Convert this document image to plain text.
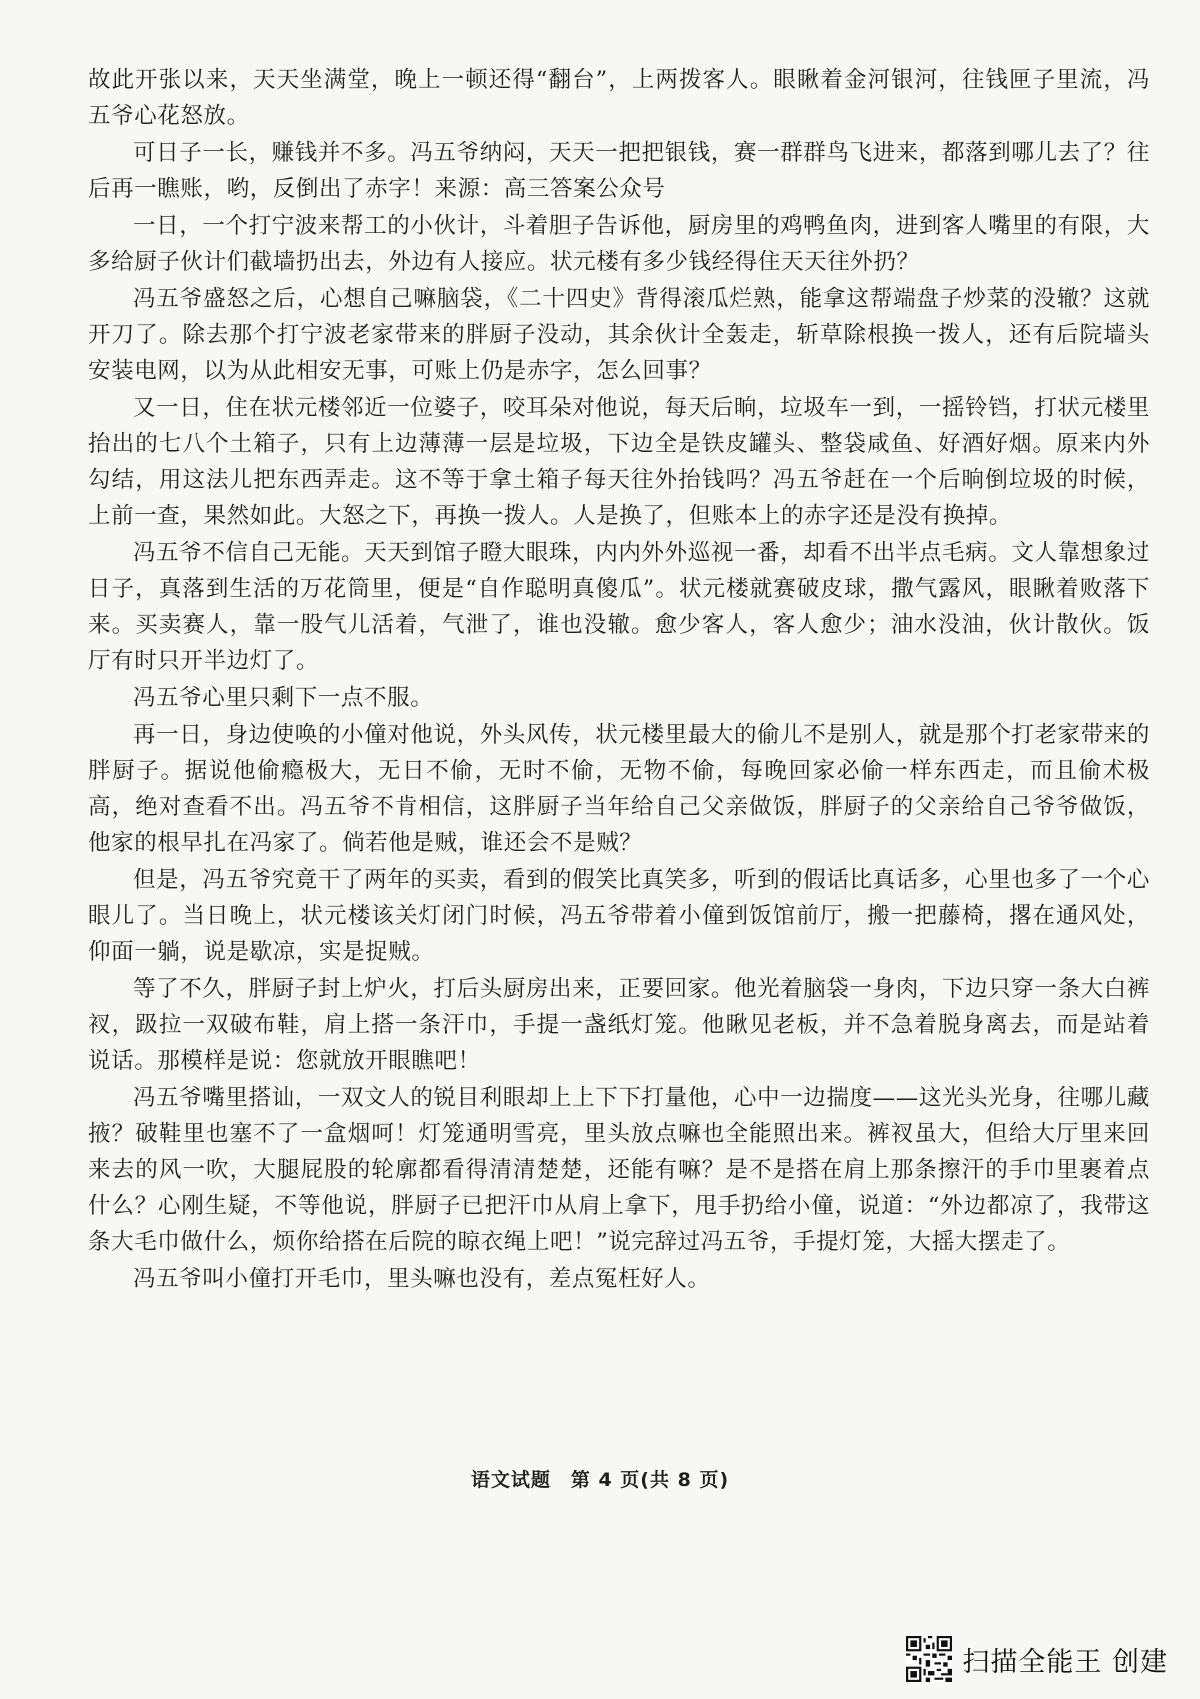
故此开张以来，天天坐满堂，晚上一顿还得“翻台”，上两拨客人。眼瞅着金河银河，往钱匣子里流，冯五爷心花怒放。

可日子一长，赚钱并不多。冯五爷纳闷，天天一把把银钱，赛一群群鸟飞进来，都落到哪儿去了？往后再一瞧账，哟，反倒出了赤字！来源：高三答案公众号

一日，一个打宁波来帮工的小伙计，斗着胆子告诉他，厨房里的鸡鸭鱼肉，进到客人嘴里的有限，大多给厨子伙计们截墙扔出去，外边有人接应。状元楼有多少钱经得住天天往外扔？

冯五爷盛怒之后，心想自己嘛脑袋，《二十四史》背得滚瓜烂熟，能拿这帮端盘子炒菜的没辙？这就开刀了。除去那个打宁波老家带来的胖厨子没动，其余伙计全轰走，斩草除根换一拨人，还有后院墙头安装电网，以为从此相安无事，可账上仍是赤字，怎么回事？

又一日，住在状元楼邻近一位婆子，咬耳朵对他说，每天后晌，垃圾车一到，一摇铃铛，打状元楼里抬出的七八个土箱子，只有上边薄薄一层是垃圾，下边全是铁皮罐头、整袋咸鱼、好酒好烟。原来内外勾结，用这法儿把东西弄走。这不等于拿土箱子每天往外抬钱吗？冯五爷赶在一个后晌倒垃圾的时候，上前一查，果然如此。大怒之下，再换一拨人。人是换了，但账本上的赤字还是没有换掉。

冯五爷不信自己无能。天天到馆子瞪大眼珠，内内外外巡视一番，却看不出半点毛病。文人靠想象过日子，真落到生活的万花筒里，便是“自作聪明真傻瓜”。状元楼就赛破皮球，撒气露风，眼瞅着败落下来。买卖赛人，靠一股气儿活着，气泄了，谁也没辙。愈少客人，客人愈少；油水没油，伙计散伙。饭厅有时只开半边灯了。

冯五爷心里只剩下一点不服。

再一日，身边使唤的小僮对他说，外头风传，状元楼里最大的偷儿不是别人，就是那个打老家带来的胖厨子。据说他偷瘾极大，无日不偷，无时不偷，无物不偷，每晚回家必偷一样东西走，而且偷术极高，绝对查看不出。冯五爷不肯相信，这胖厨子当年给自己父亲做饭，胖厨子的父亲给自己爷爷做饭，他家的根早扎在冯家了。倘若他是贼，谁还会不是贼？

但是，冯五爷究竟干了两年的买卖，看到的假笑比真笑多，听到的假话比真话多，心里也多了一个心眼儿了。当日晚上，状元楼该关灯闭门时候，冯五爷带着小僮到饭馆前厅，搬一把藤椅，撂在通风处，仰面一躺，说是歇凉，实是捉贼。

等了不久，胖厨子封上炉火，打后头厨房出来，正要回家。他光着脑袋一身肉，下边只穿一条大白裤衩，趿拉一双破布鞋，肩上搭一条汗巾，手提一盏纸灯笼。他瞅见老板，并不急着脱身离去，而是站着说话。那模样是说：您就放开眼瞧吧！

冯五爷嘴里搭讪，一双文人的锐目利眼却上上下下打量他，心中一边揣度——这光头光身，往哪儿藏掖？破鞋里也塞不了一盒烟呵！灯笼通明雪亮，里头放点嘛也全能照出来。裤衩虽大，但给大厅里来回来去的风一吹，大腿屁股的轮廓都看得清清楚楚，还能有嘛？是不是搭在肩上那条擦汗的手巾里裹着点什么？心刚生疑，不等他说，胖厨子已把汗巾从肩上拿下，甩手扔给小僮，说道：“外边都凉了，我带这条大毛巾做什么，烦你给搭在后院的晾衣绳上吧！”说完辞过冯五爷，手提灯笼，大摇大摆走了。

冯五爷叫小僮打开毛巾，里头嘛也没有，差点冤枉好人。

语文试题　第 4 页(共 8 页)
扫描全能王 创建
